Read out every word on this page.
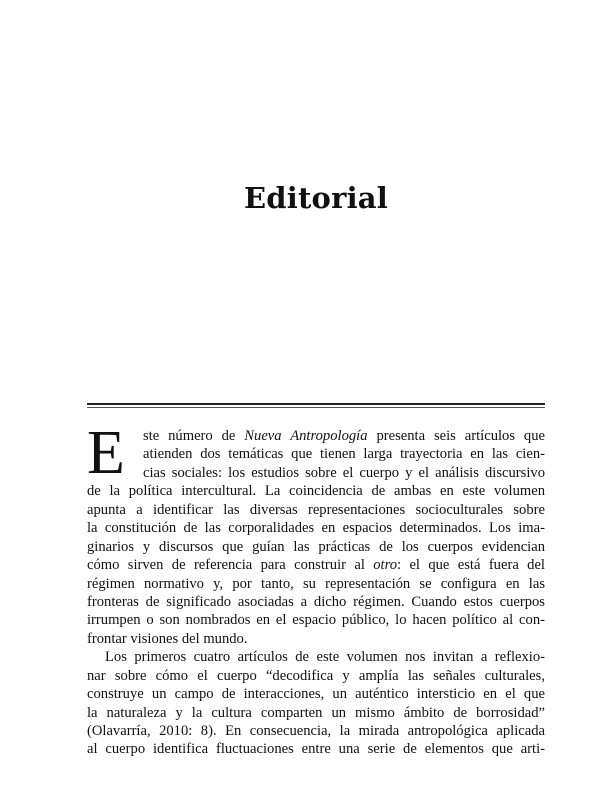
Editorial
E	ste número de Nueva Antropología presenta seis artículos que
atienden dos temáticas que tienen larga trayectoria en las cien-
cias sociales: los estudios sobre el cuerpo y el análisis discursivo
de la política intercultural. La coincidencia de ambas en este volumen
apunta a identificar las diversas representaciones socioculturales sobre
la constitución de las corporalidades en espacios determinados. Los ima-
ginarios y discursos que guían las prácticas de los cuerpos evidencian
cómo sirven de referencia para construir al otro: el que está fuera del
régimen normativo y, por tanto, su representación se configura en las
fronteras de significado asociadas a dicho régimen. Cuando estos cuerpos
irrumpen o son nombrados en el espacio público, lo hacen político al con-
frontar visiones del mundo.
Los primeros cuatro artículos de este volumen nos invitan a reflexio-
nar sobre cómo el cuerpo “decodifica y amplía las señales culturales,
construye un campo de interacciones, un auténtico intersticio en el que
la naturaleza y la cultura comparten un mismo ámbito de borrosidad”
(Olavarría, 2010: 8). En consecuencia, la mirada antropológica aplicada
al cuerpo identifica fluctuaciones entre una serie de elementos que arti-
